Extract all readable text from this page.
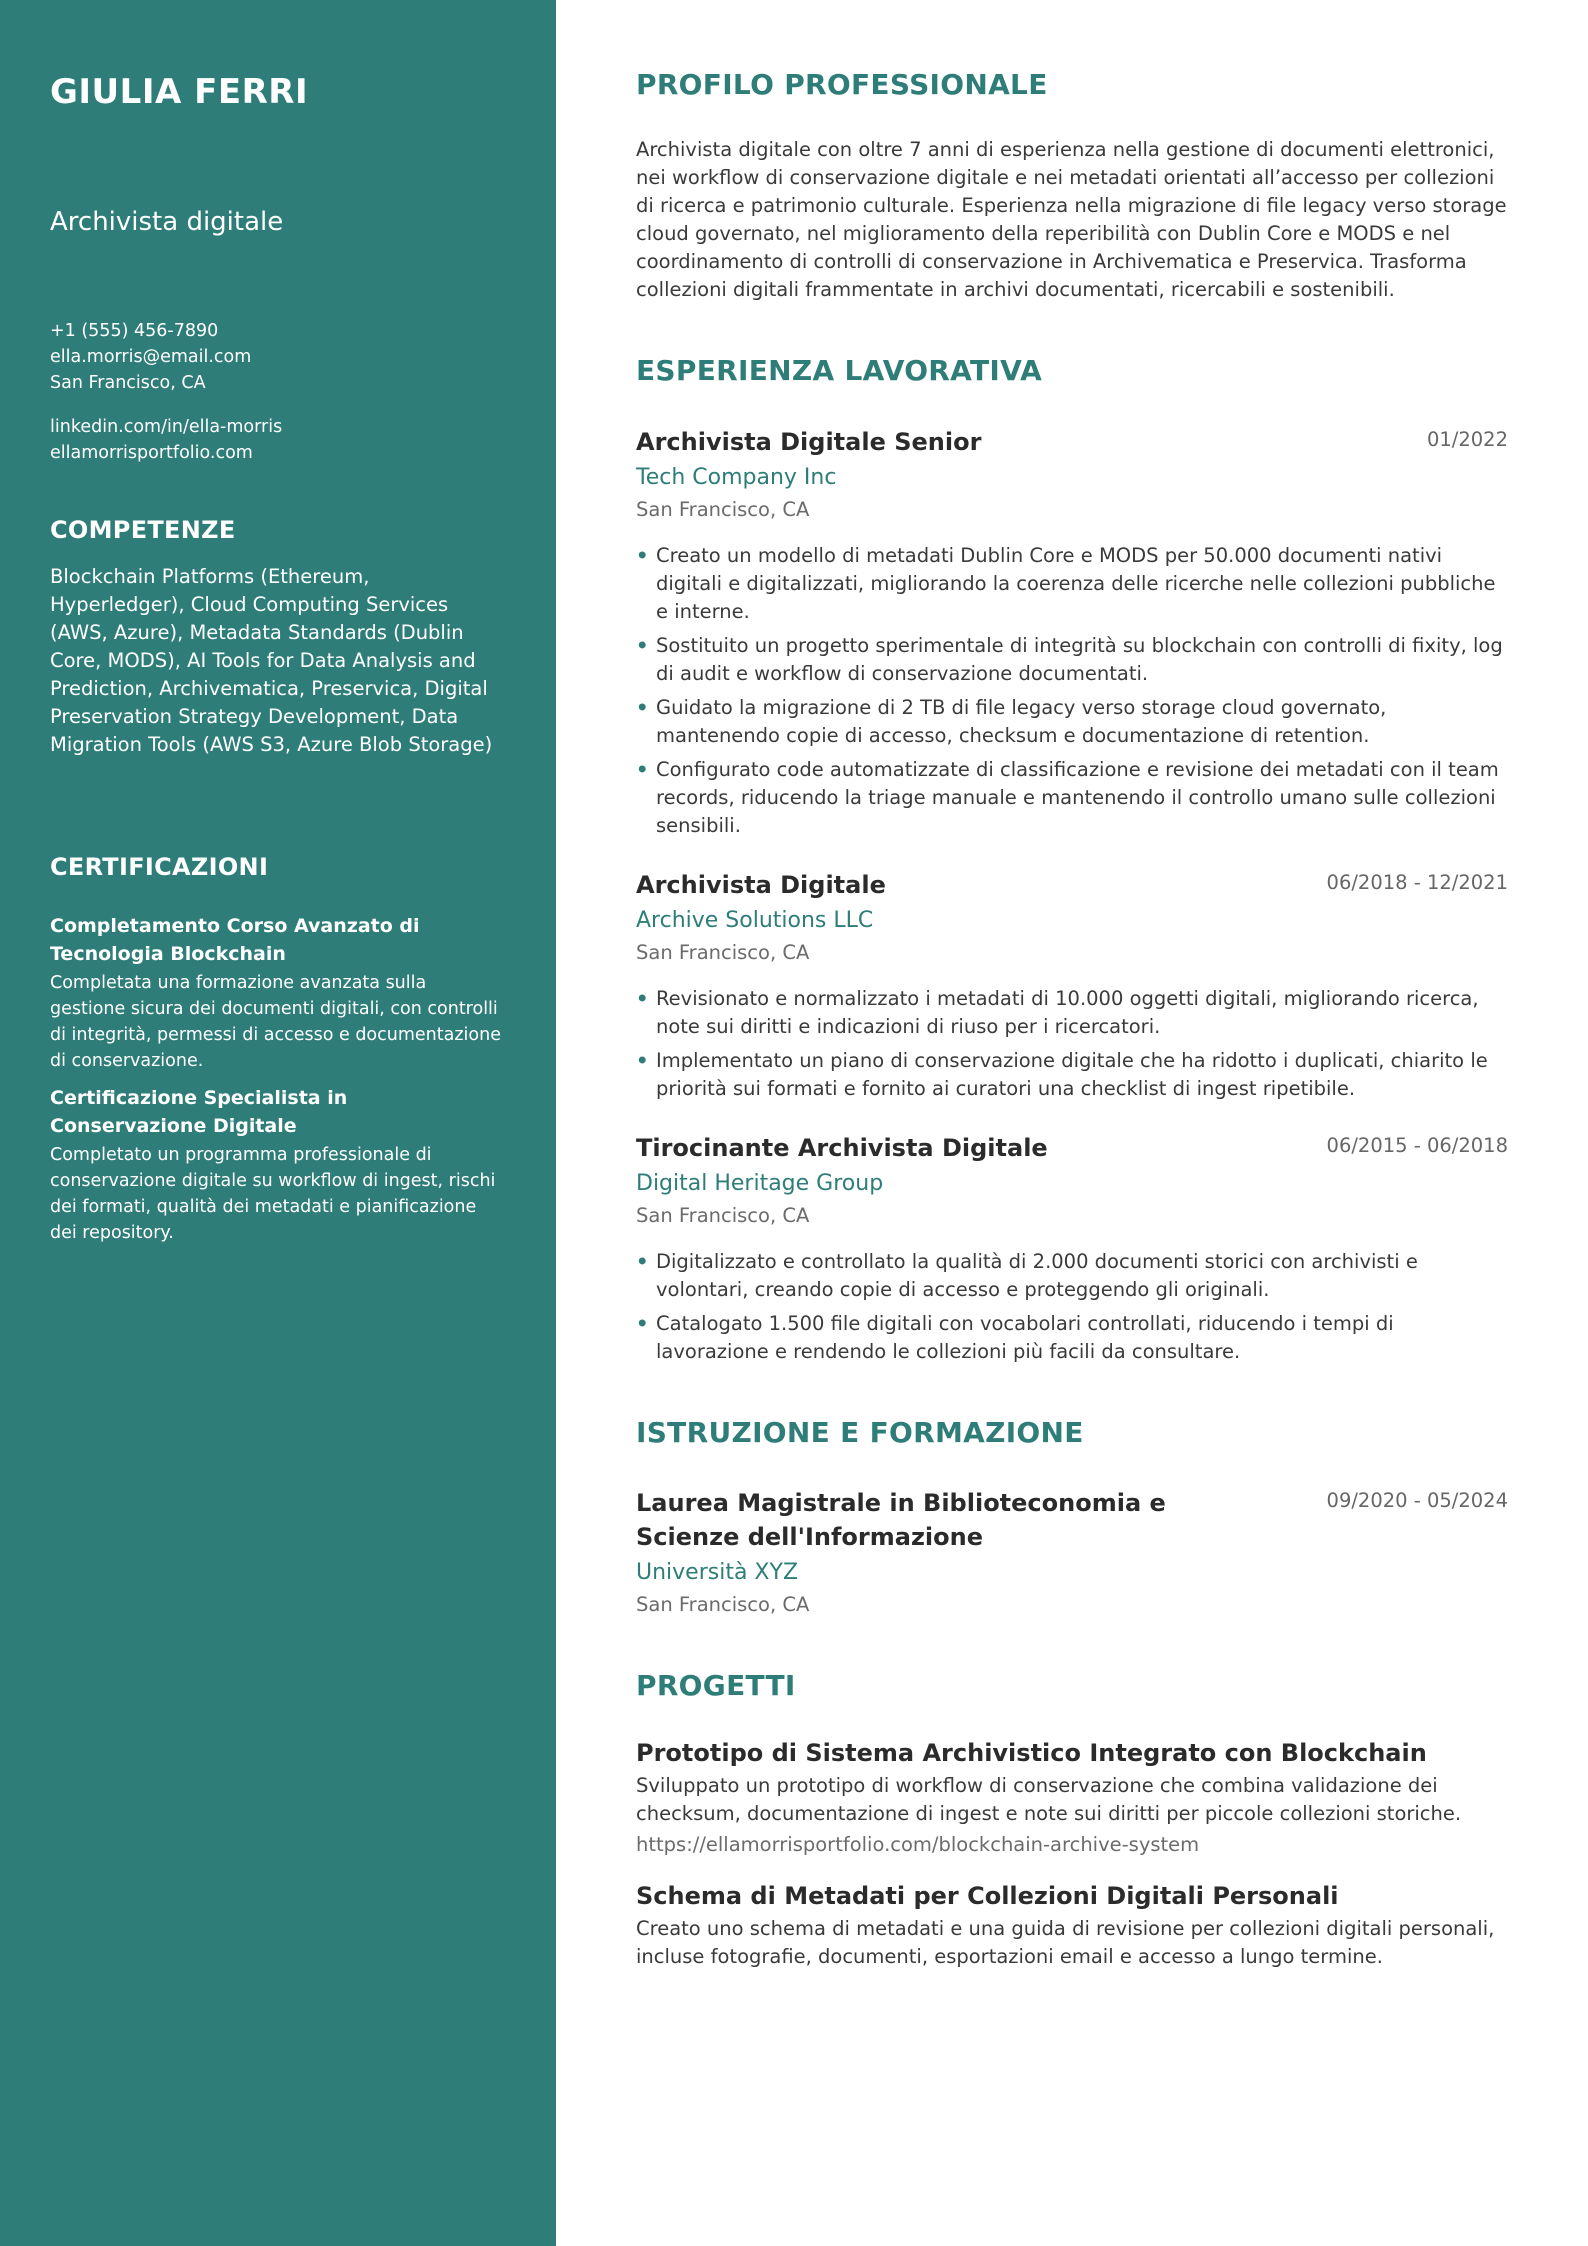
GIULIA FERRI
Archivista digitale
+1 (555) 456-7890
ella.morris@email.com
San Francisco, CA
linkedin.com/in/ella-morris
ellamorrisportfolio.com
COMPETENZE
Blockchain Platforms (Ethereum, Hyperledger), Cloud Computing Services (AWS, Azure), Metadata Standards (Dublin Core, MODS), AI Tools for Data Analysis and Prediction, Archivematica, Preservica, Digital Preservation Strategy Development, Data Migration Tools (AWS S3, Azure Blob Storage)
CERTIFICAZIONI
Completamento Corso Avanzato di Tecnologia Blockchain
Completata una formazione avanzata sulla gestione sicura dei documenti digitali, con controlli di integrità, permessi di accesso e documentazione di conservazione.
Certificazione Specialista in Conservazione Digitale
Completato un programma professionale di conservazione digitale su workflow di ingest, rischi dei formati, qualità dei metadati e pianificazione dei repository.
PROFILO PROFESSIONALE
Archivista digitale con oltre 7 anni di esperienza nella gestione di documenti elettronici, nei workflow di conservazione digitale e nei metadati orientati all’accesso per collezioni di ricerca e patrimonio culturale. Esperienza nella migrazione di file legacy verso storage cloud governato, nel miglioramento della reperibilità con Dublin Core e MODS e nel coordinamento di controlli di conservazione in Archivematica e Preservica. Trasforma collezioni digitali frammentate in archivi documentati, ricercabili e sostenibili.
ESPERIENZA LAVORATIVA
Archivista Digitale Senior	01/2022
Tech Company Inc
San Francisco, CA
• Creato un modello di metadati Dublin Core e MODS per 50.000 documenti nativi digitali e digitalizzati, migliorando la coerenza delle ricerche nelle collezioni pubbliche e interne.
• Sostituito un progetto sperimentale di integrità su blockchain con controlli di fixity, log di audit e workflow di conservazione documentati.
• Guidato la migrazione di 2 TB di file legacy verso storage cloud governato, mantenendo copie di accesso, checksum e documentazione di retention.
• Configurato code automatizzate di classificazione e revisione dei metadati con il team records, riducendo la triage manuale e mantenendo il controllo umano sulle collezioni sensibili.
Archivista Digitale	06/2018 - 12/2021
Archive Solutions LLC
San Francisco, CA
• Revisionato e normalizzato i metadati di 10.000 oggetti digitali, migliorando ricerca, note sui diritti e indicazioni di riuso per i ricercatori.
• Implementato un piano di conservazione digitale che ha ridotto i duplicati, chiarito le priorità sui formati e fornito ai curatori una checklist di ingest ripetibile.
Tirocinante Archivista Digitale	06/2015 - 06/2018
Digital Heritage Group
San Francisco, CA
• Digitalizzato e controllato la qualità di 2.000 documenti storici con archivisti e volontari, creando copie di accesso e proteggendo gli originali.
• Catalogato 1.500 file digitali con vocabolari controllati, riducendo i tempi di lavorazione e rendendo le collezioni più facili da consultare.
ISTRUZIONE E FORMAZIONE
Laurea Magistrale in Biblioteconomia e Scienze dell'Informazione
09/2020 - 05/2024
Università XYZ
San Francisco, CA
PROGETTI
Prototipo di Sistema Archivistico Integrato con Blockchain
Sviluppato un prototipo di workflow di conservazione che combina validazione dei checksum, documentazione di ingest e note sui diritti per piccole collezioni storiche.
https://ellamorrisportfolio.com/blockchain-archive-system
Schema di Metadati per Collezioni Digitali Personali
Creato uno schema di metadati e una guida di revisione per collezioni digitali personali, incluse fotografie, documenti, esportazioni email e accesso a lungo termine.
